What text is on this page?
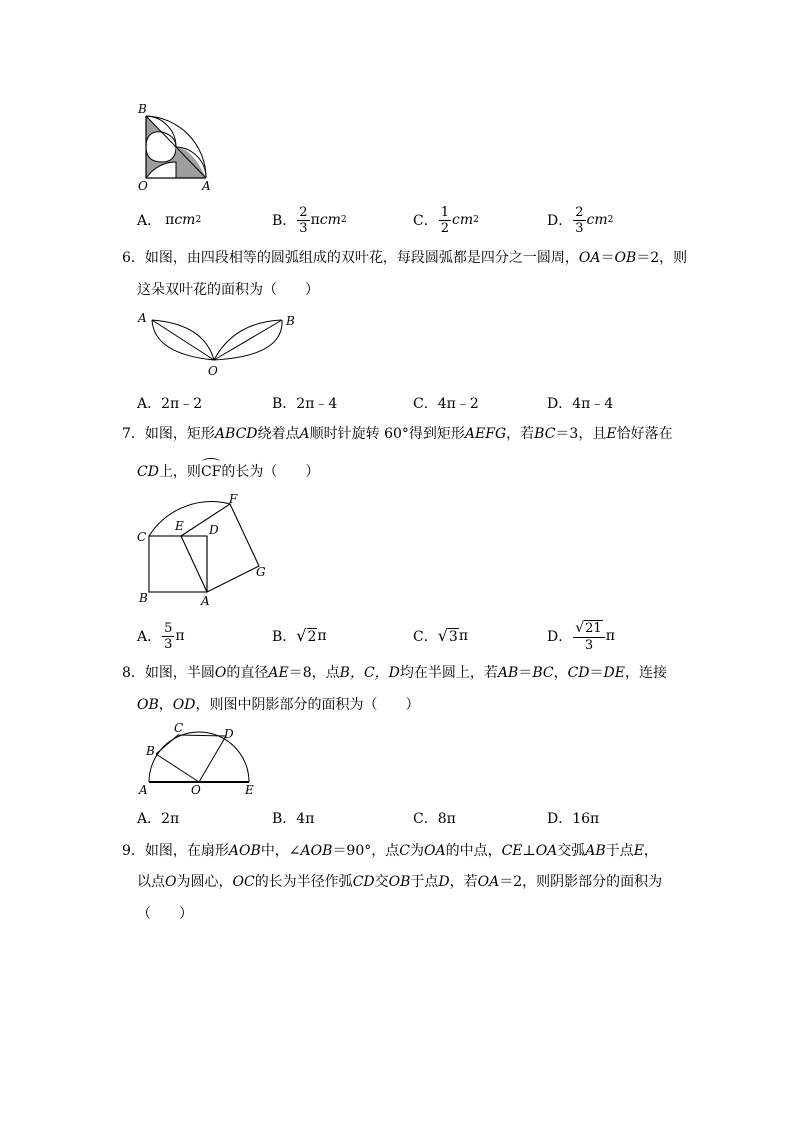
B
O	A
A． π cm 2	B． $\frac{2}{3}$ π cm 2	C． $\frac{1}{2}$ cm 2	D． $\frac{2}{3}$ cm 2
6．如图，由四段相等的圆弧组成的双叶花，每段圆弧都是四分之一圆周，OA＝OB＝2，则
这朵双叶花的面积为（　　）
A	B
O
A．2π﹣2	B．2π﹣4	C．4π﹣2	D．4π﹣4
7．如图，矩形ABCD绕着点A顺时针旋转 60°得到矩形AEFG，若BC＝3，且E恰好落在
CD上，则CF的长为（　　）
F
E D
C
G
B	A
A． $\frac{5}{3}$ π	B． √ 2 π	C． √ 3 π	D． $\frac{√ 21}{3}$ π
8．如图，半圆O的直径AE＝8，点B，C，D均在半圆上，若AB＝BC，CD＝DE，连接
OB，OD，则图中阴影部分的面积为（　　）
C	D
B
A	O	E
A．2π	B．4π	C．8π	D．16π
9．如图，在扇形AOB中，∠AOB＝90°，点C为OA的中点，CE⊥OA交弧AB于点E，
以点O为圆心，OC的长为半径作弧CD交OB于点D，若OA＝2，则阴影部分的面积为
（　　）
